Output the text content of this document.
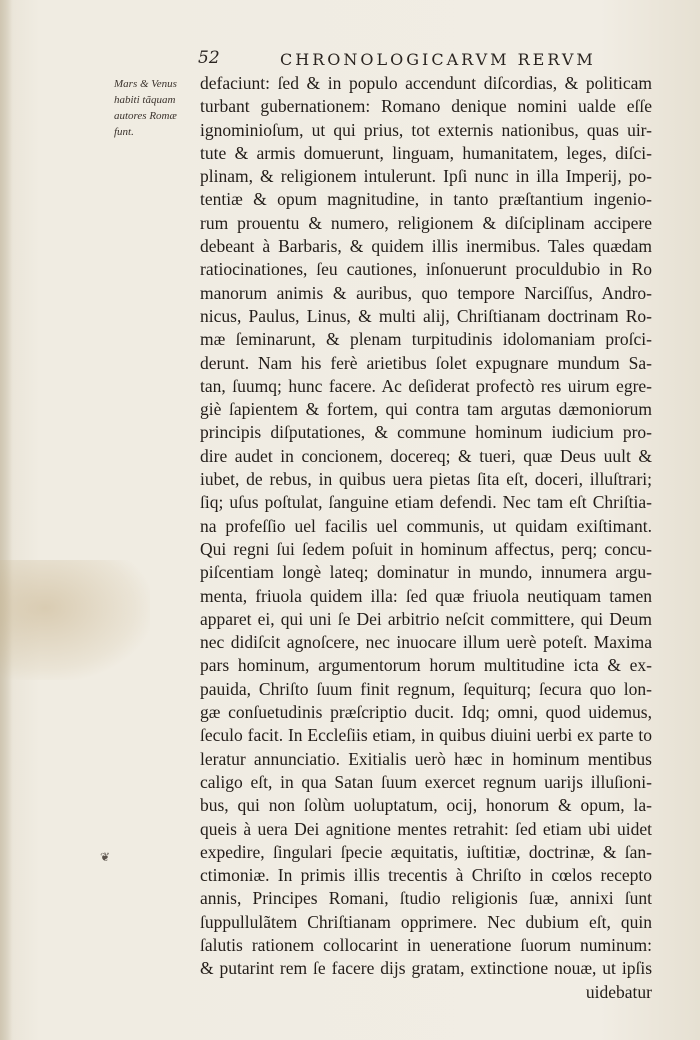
52	CHRONOLOGICARVM RERVM
Mars & Venus
habiti tãquam
autores Romæ
funt.
❦
defaciunt: ſed & in populo accendunt diſcordias, & politicam
turbant gubernationem: Romano denique nomini ualde eſſe
ignominioſum, ut qui prius, tot externis nationibus, quas uir-
tute & armis domuerunt, linguam, humanitatem, leges, diſci-
plinam, & religionem intulerunt. Ipſi nunc in illa Imperij, po-
tentiæ & opum magnitudine, in tanto præſtantium ingenio-
rum prouentu & numero, religionem & diſciplinam accipere
debeant à Barbaris, & quidem illis inermibus. Tales quædam
ratiocinationes, ſeu cautiones, inſonuerunt proculdubio in Ro
manorum animis & auribus, quo tempore Narciſſus, Andro-
nicus, Paulus, Linus, & multi alij, Chriſtianam doctrinam Ro-
mæ ſeminarunt, & plenam turpitudinis idolomaniam proſci-
derunt. Nam his ferè arietibus ſolet expugnare mundum Sa-
tan, ſuumq; hunc facere. Ac deſiderat profectò res uirum egre-
giè ſapientem & fortem, qui contra tam argutas dæmoniorum
principis diſputationes, & commune hominum iudicium pro-
dire audet in concionem, docereq; & tueri, quæ Deus uult &
iubet, de rebus, in quibus uera pietas ſita eſt, doceri, illuſtrari;
ſiq; uſus poſtulat, ſanguine etiam defendi. Nec tam eſt Chriſtia-
na profeſſio uel facilis uel communis, ut quidam exiſtimant.
Qui regni ſui ſedem poſuit in hominum affectus, perq; concu-
piſcentiam longè lateq; dominatur in mundo, innumera argu-
menta, friuola quidem illa: ſed quæ friuola neutiquam tamen
apparet ei, qui uni ſe Dei arbitrio neſcit committere, qui Deum
nec didiſcit agnoſcere, nec inuocare illum uerè poteſt. Maxima
pars hominum, argumentorum horum multitudine icta & ex-
pauida, Chriſto ſuum finit regnum, ſequiturq; ſecura quo lon-
gæ conſuetudinis præſcriptio ducit. Idq; omni, quod uidemus,
ſeculo facit. In Eccleſiis etiam, in quibus diuini uerbi ex parte to
leratur annunciatio. Exitialis uerò hæc in hominum mentibus
caligo eſt, in qua Satan ſuum exercet regnum uarijs illuſioni-
bus, qui non ſolùm uoluptatum, ocij, honorum & opum, la-
queis à uera Dei agnitione mentes retrahit: ſed etiam ubi uidet
expedire, ſingulari ſpecie æquitatis, iuſtitiæ, doctrinæ, & ſan-
ctimoniæ. In primis illis trecentis à Chriſto in cœlos recepto
annis, Principes Romani, ſtudio religionis ſuæ, annixi ſunt
ſuppullulãtem Chriſtianam opprimere. Nec dubium eſt, quin
ſalutis rationem collocarint in ueneratione ſuorum numinum:
& putarint rem ſe facere dijs gratam, extinctione nouæ, ut ipſis
uidebatur
